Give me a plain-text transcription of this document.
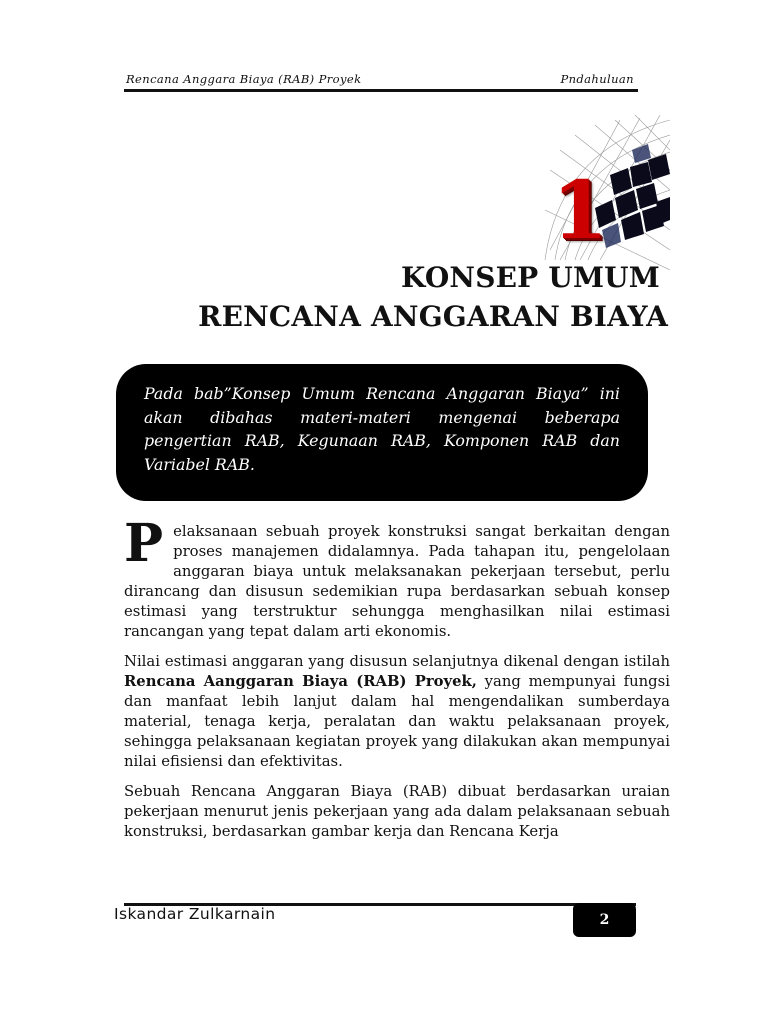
Rencana Anggara Biaya (RAB) Proyek	Pndahuluan
1
KONSEP UMUM
RENCANA ANGGARAN BIAYA

Pada bab”Konsep Umum Rencana Anggaran Biaya” ini akan dibahas materi-materi mengenai beberapa pengertian RAB, Kegunaan RAB, Komponen RAB dan Variabel RAB.

Pelaksanaan sebuah proyek konstruksi sangat berkaitan dengan proses manajemen didalamnya. Pada tahapan itu, pengelolaan anggaran biaya untuk melaksanakan pekerjaan tersebut, perlu dirancang dan disusun sedemikian rupa berdasarkan sebuah konsep estimasi yang terstruktur sehungga menghasilkan nilai estimasi rancangan yang tepat dalam arti ekonomis.

Nilai estimasi anggaran yang disusun selanjutnya dikenal dengan istilah Rencana Aanggaran Biaya (RAB) Proyek, yang mempunyai fungsi dan manfaat lebih lanjut dalam hal mengendalikan sumberdaya material, tenaga kerja, peralatan dan waktu pelaksanaan proyek, sehingga pelaksanaan kegiatan proyek yang dilakukan akan mempunyai nilai efisiensi dan efektivitas.

Sebuah Rencana Anggaran Biaya (RAB) dibuat berdasarkan uraian pekerjaan menurut jenis pekerjaan yang ada dalam pelaksanaan sebuah konstruksi, berdasarkan gambar kerja dan Rencana Kerja

Iskandar Zulkarnain	2
